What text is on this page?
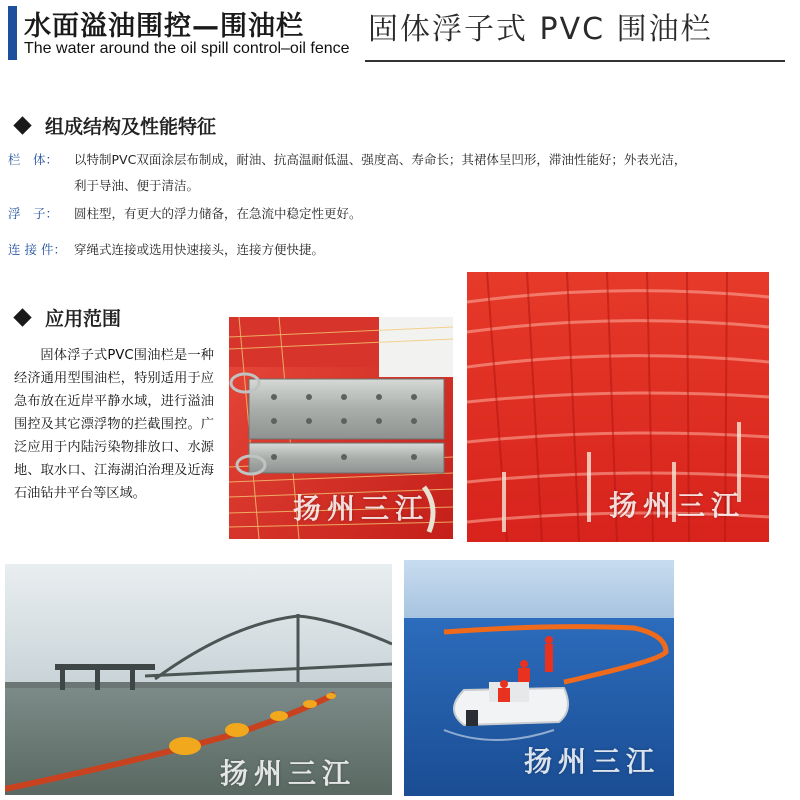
水面溢油围控—围油栏
The water around the oil spill control–oil fence
固体浮子式 PVC 围油栏
组成结构及性能特征
栏　体： 以特制PVC双面涂层布制成，耐油、抗高温耐低温、强度高、寿命长；其裙体呈凹形，滞油性能好；外表光洁，
利于导油、便于清洁。
浮　子： 圆柱型，有更大的浮力储备，在急流中稳定性更好。
连 接 件： 穿绳式连接或选用快速接头，连接方便快捷。
应用范围

固体浮子式PVC围油栏是一种经济通用型围油栏，特别适用于应急布放在近岸平静水域，进行溢油围控及其它漂浮物的拦截围控。广泛应用于内陆污染物排放口、水源地、取水口、江海湖泊治理及近海石油钻井平台等区域。	扬州三江	扬州三江
扬州三江	扬州三江
